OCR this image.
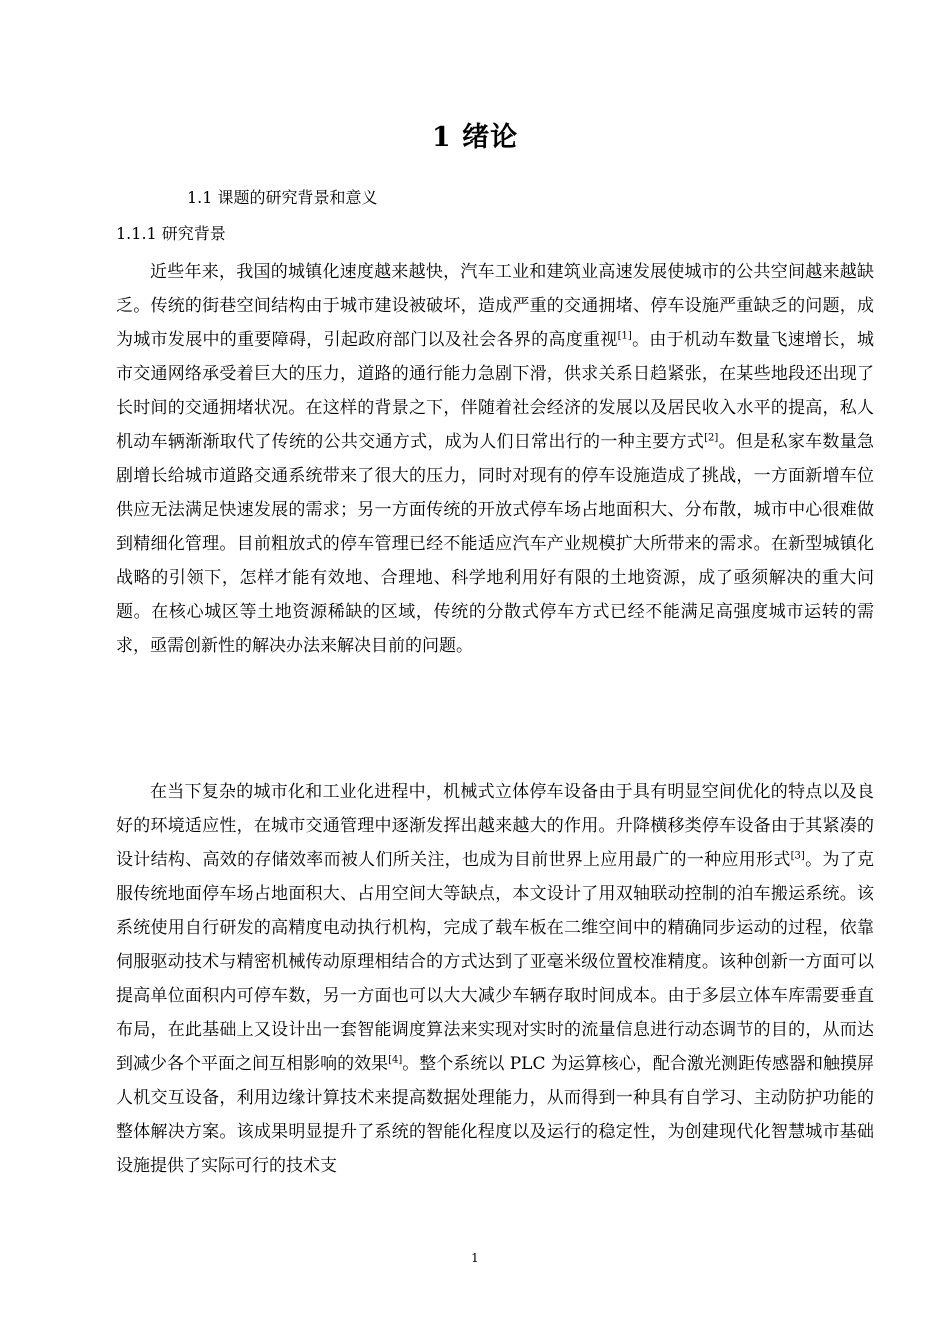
1 绪论
1.1 课题的研究背景和意义
1.1.1 研究背景

近些年来，我国的城镇化速度越来越快，汽车工业和建筑业高速发展使城市的公共空间越来越缺乏。传统的街巷空间结构由于城市建设被破坏，造成严重的交通拥堵、停车设施严重缺乏的问题，成为城市发展中的重要障碍，引起政府部门以及社会各界的高度重视[1]。由于机动车数量飞速增长，城市交通网络承受着巨大的压力，道路的通行能力急剧下滑，供求关系日趋紧张，在某些地段还出现了长时间的交通拥堵状况。在这样的背景之下，伴随着社会经济的发展以及居民收入水平的提高，私人机动车辆渐渐取代了传统的公共交通方式，成为人们日常出行的一种主要方式[2]。但是私家车数量急剧增长给城市道路交通系统带来了很大的压力，同时对现有的停车设施造成了挑战，一方面新增车位供应无法满足快速发展的需求；另一方面传统的开放式停车场占地面积大、分布散，城市中心很难做到精细化管理。目前粗放式的停车管理已经不能适应汽车产业规模扩大所带来的需求。在新型城镇化战略的引领下，怎样才能有效地、合理地、科学地利用好有限的土地资源，成了亟须解决的重大问题。在核心城区等土地资源稀缺的区域，传统的分散式停车方式已经不能满足高强度城市运转的需求，亟需创新性的解决办法来解决目前的问题。

在当下复杂的城市化和工业化进程中，机械式立体停车设备由于具有明显空间优化的特点以及良好的环境适应性，在城市交通管理中逐渐发挥出越来越大的作用。升降横移类停车设备由于其紧凑的设计结构、高效的存储效率而被人们所关注，也成为目前世界上应用最广的一种应用形式[3]。为了克服传统地面停车场占地面积大、占用空间大等缺点，本文设计了用双轴联动控制的泊车搬运系统。该系统使用自行研发的高精度电动执行机构，完成了载车板在二维空间中的精确同步运动的过程，依靠伺服驱动技术与精密机械传动原理相结合的方式达到了亚毫米级位置校准精度。该种创新一方面可以提高单位面积内可停车数，另一方面也可以大大减少车辆存取时间成本。由于多层立体车库需要垂直布局，在此基础上又设计出一套智能调度算法来实现对实时的流量信息进行动态调节的目的，从而达到减少各个平面之间互相影响的效果[4]。整个系统以 PLC 为运算核心，配合激光测距传感器和触摸屏人机交互设备，利用边缘计算技术来提高数据处理能力，从而得到一种具有自学习、主动防护功能的整体解决方案。该成果明显提升了系统的智能化程度以及运行的稳定性，为创建现代化智慧城市基础设施提供了实际可行的技术支

1
